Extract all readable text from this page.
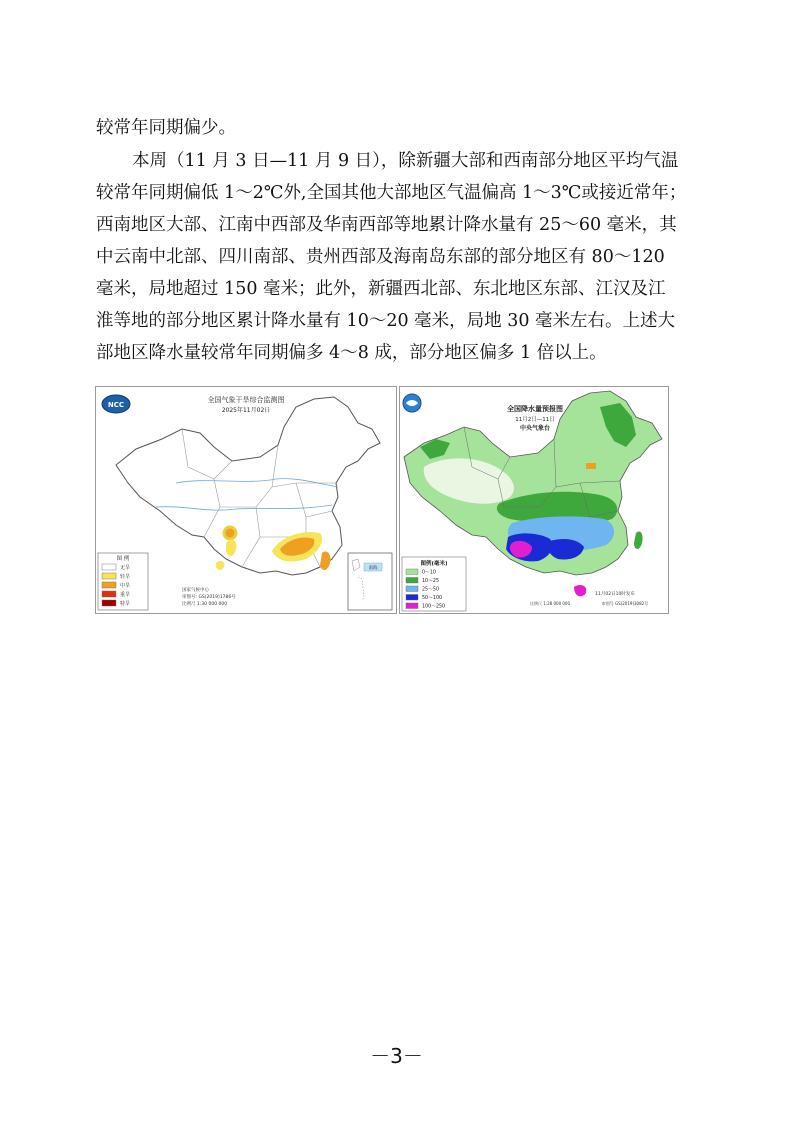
较常年同期偏少。
本周（11 月 3 日—11 月 9 日），除新疆大部和西南部分地区平均气温
较常年同期偏低 1～2℃外,全国其他大部地区气温偏高 1～3℃或接近常年；
西南地区大部、江南中西部及华南西部等地累计降水量有 25～60 毫米，其
中云南中北部、四川南部、贵州西部及海南岛东部的部分地区有 80～120
毫米，局地超过 150 毫米；此外，新疆西北部、东北地区东部、江汉及江
淮等地的部分地区累计降水量有 10～20 毫米，局地 30 毫米左右。上述大
部地区降水量较常年同期偏多 4～8 成，部分地区偏多 1 倍以上。
NCC
全国气象干旱综合监测图
2025年11月02日
图 例
无旱
轻旱
中旱
重旱
特旱
国家气候中心
审图号: GS(2019)1786号
比例尺 1:30 000 000
南海
全国降水量预报图
11月2日—11日
中央气象台
图例(毫米)
0～10
10～25
25～50
50～100
100～250
11月02日10时发布
比例尺 1:28 000 000	审图号 GS(2019)3082号
－3－
